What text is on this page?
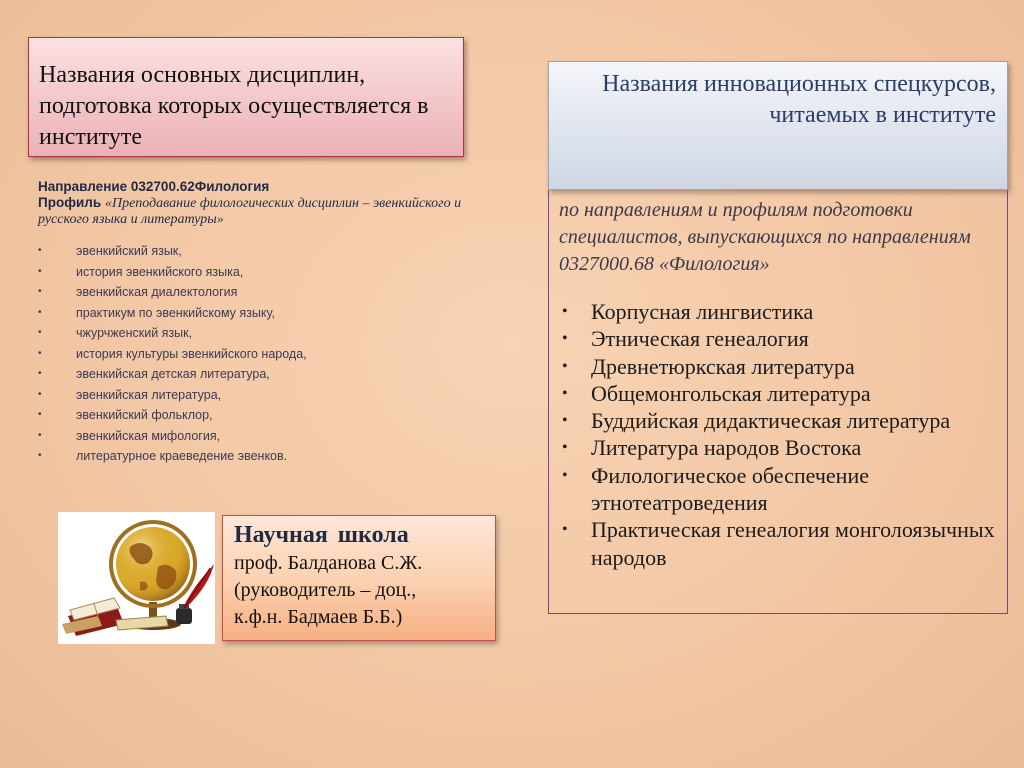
Названия основных дисциплин, подготовка которых осуществляется в институте
Направление 032700.62Филология
Профиль «Преподавание филологических дисциплин – эвенкийского и русского языка и литературы»
•	эвенкийский язык,
•	история эвенкийского языка,
•	эвенкийская диалектология
•	практикум по эвенкийскому языку,
•	чжурчженский язык,
•	история культуры эвенкийского народа,
•	эвенкийская детская литература,
•	эвенкийская литература,
•	эвенкийский фольклор,
•	эвенкийская мифология,
•	литературное краеведение эвенков.
Научная школа
проф. Балданова С.Ж.
(руководитель – доц.,
к.ф.н. Бадмаев Б.Б.)
Названия инновационных спецкурсов, читаемых в институте

по направлениям и профилям подготовки специалистов, выпускающихся по направлениям 0327000.68 «Филология»

• Корпусная лингвистика
• Этническая генеалогия
• Древнетюркская литература
• Общемонгольская литература
• Буддийская дидактическая литература
• Литература народов Востока
• Филологическое обеспечение этнотеатроведения
• Практическая генеалогия монголоязычных народов
